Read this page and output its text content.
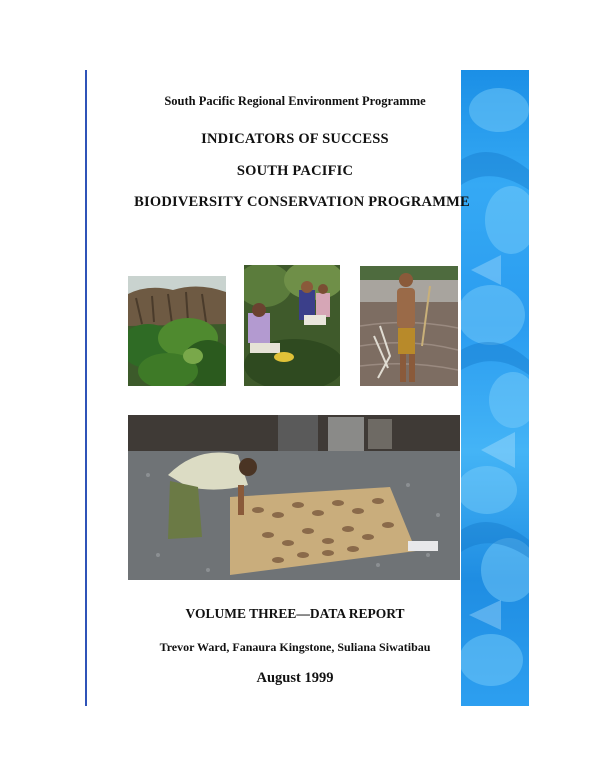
South Pacific Regional Environment Programme
INDICATORS OF SUCCESS
SOUTH PACIFIC
BIODIVERSITY CONSERVATION PROGRAMME
VOLUME THREE—DATA REPORT
Trevor Ward, Fanaura Kingstone, Suliana Siwatibau
August 1999
